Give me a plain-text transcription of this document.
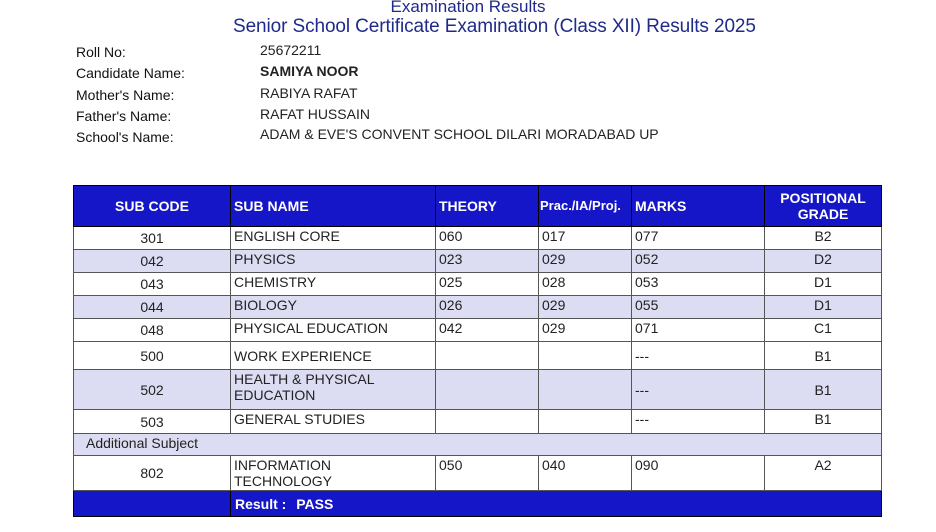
Examination Results
Senior School Certificate Examination (Class XII) Results 2025
Roll No:	25672211
Candidate Name:	SAMIYA NOOR
Mother's Name:	RABIYA RAFAT
Father's Name:	RAFAT HUSSAIN
School's Name:	ADAM & EVE'S CONVENT SCHOOL DILARI MORADABAD UP
SUB CODE	SUB NAME	THEORY	Prac./IA/Proj.	MARKS	POSITIONAL GRADE
301	ENGLISH CORE	060	017	077	B2
042	PHYSICS	023	029	052	D2
043	CHEMISTRY	025	028	053	D1
044	BIOLOGY	026	029	055	D1
048	PHYSICAL EDUCATION	042	029	071	C1
500	WORK EXPERIENCE			---	B1
502	HEALTH & PHYSICAL EDUCATION			---	B1
503	GENERAL STUDIES			---	B1
Additional Subject					
802	INFORMATION TECHNOLOGY	050	040	090	A2
	Result : PASS				
